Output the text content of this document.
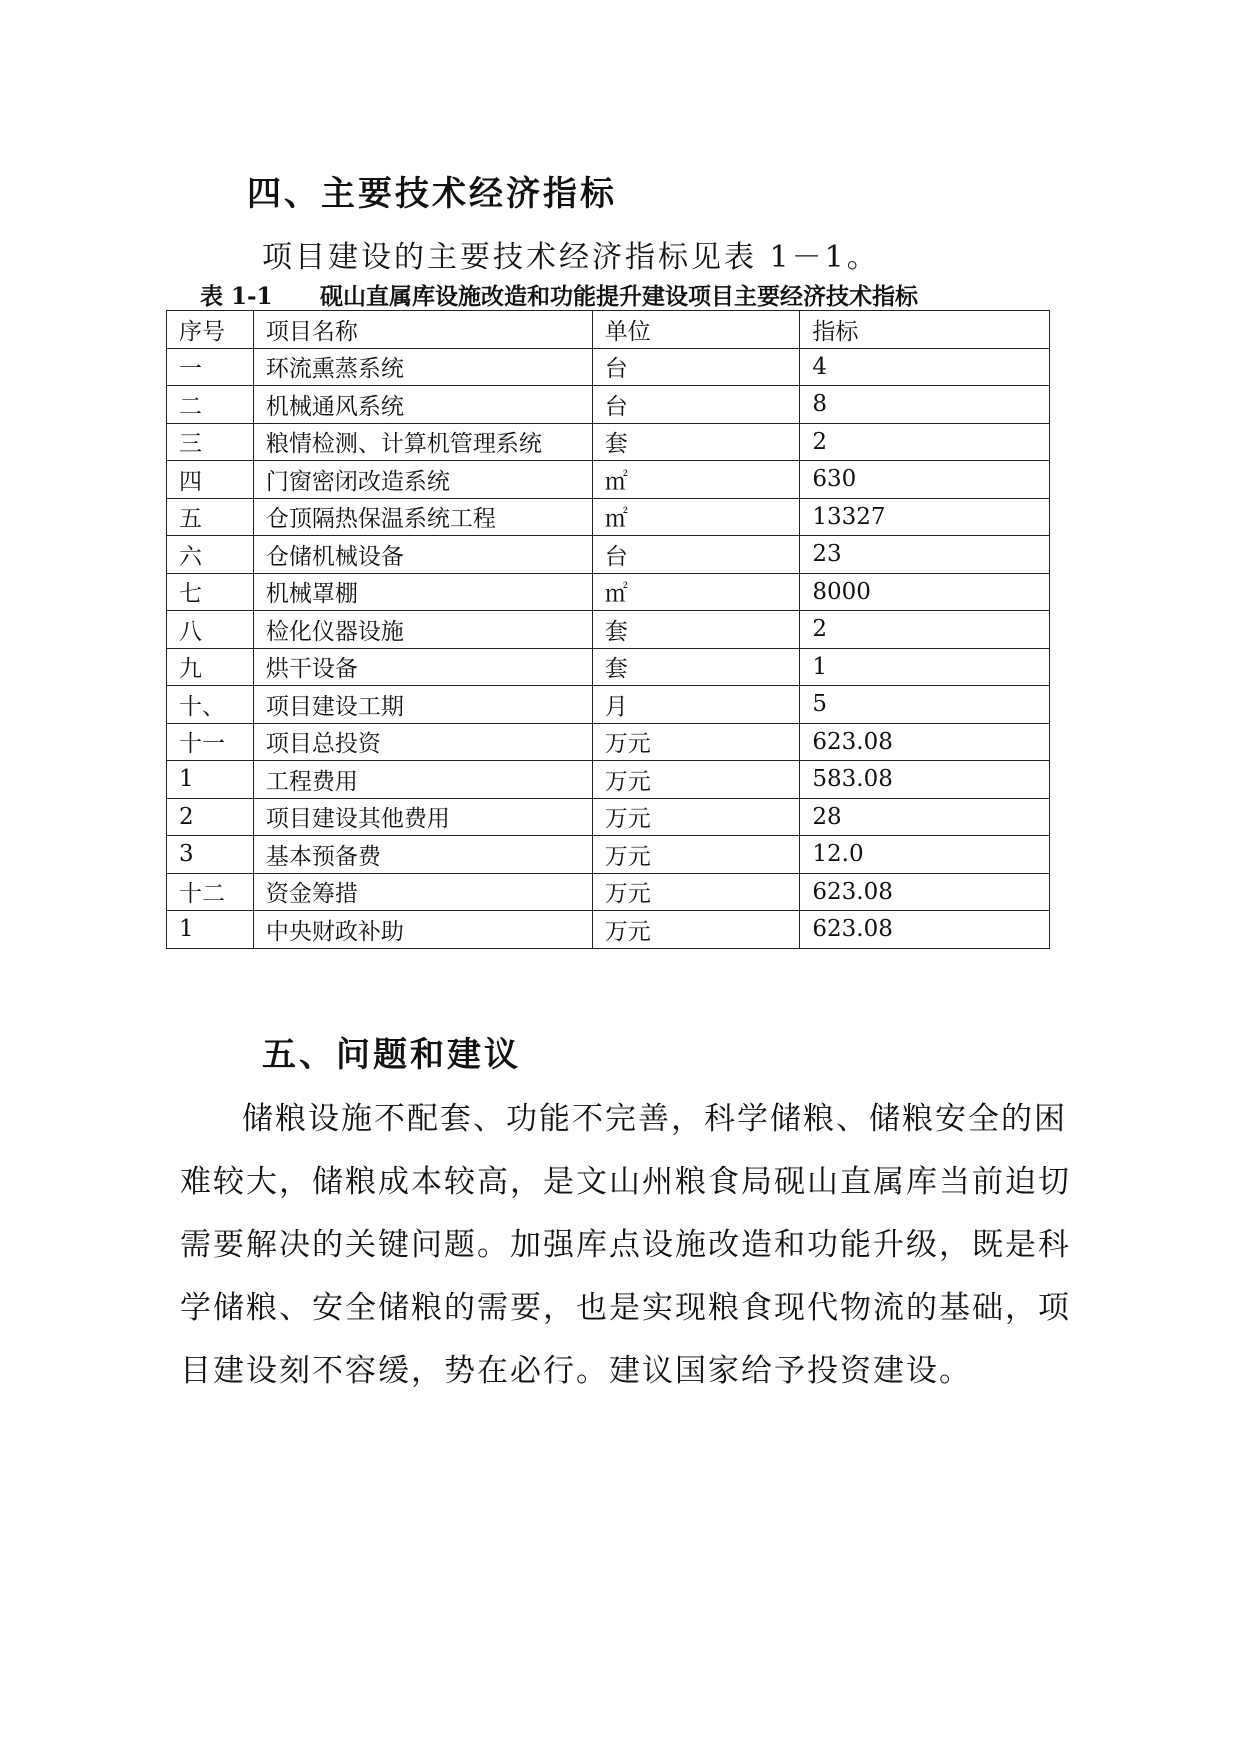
四、主要技术经济指标

项目建设的主要技术经济指标见表 1－1。

表 1-1 砚山直属库设施改造和功能提升建设项目主要经济技术指标
序号	项目名称	单位	指标
一	环流熏蒸系统	台	4
二	机械通风系统	台	8
三	粮情检测、计算机管理系统	套	2
四	门窗密闭改造系统	㎡	630
五	仓顶隔热保温系统工程	㎡	13327
六	仓储机械设备	台	23
七	机械罩棚	㎡	8000
八	检化仪器设施	套	2
九	烘干设备	套	1
十、	项目建设工期	月	5
十一	项目总投资	万元	623.08
1	工程费用	万元	583.08
2	项目建设其他费用	万元	28
3	基本预备费	万元	12.0
十二	资金筹措	万元	623.08
1	中央财政补助	万元	623.08
五、问题和建议
储粮设施不配套、功能不完善，科学储粮、储粮安全的困
难较大，储粮成本较高，是文山州粮食局砚山直属库当前迫切
需要解决的关键问题。加强库点设施改造和功能升级，既是科
学储粮、安全储粮的需要，也是实现粮食现代物流的基础，项
目建设刻不容缓，势在必行。建议国家给予投资建设。
